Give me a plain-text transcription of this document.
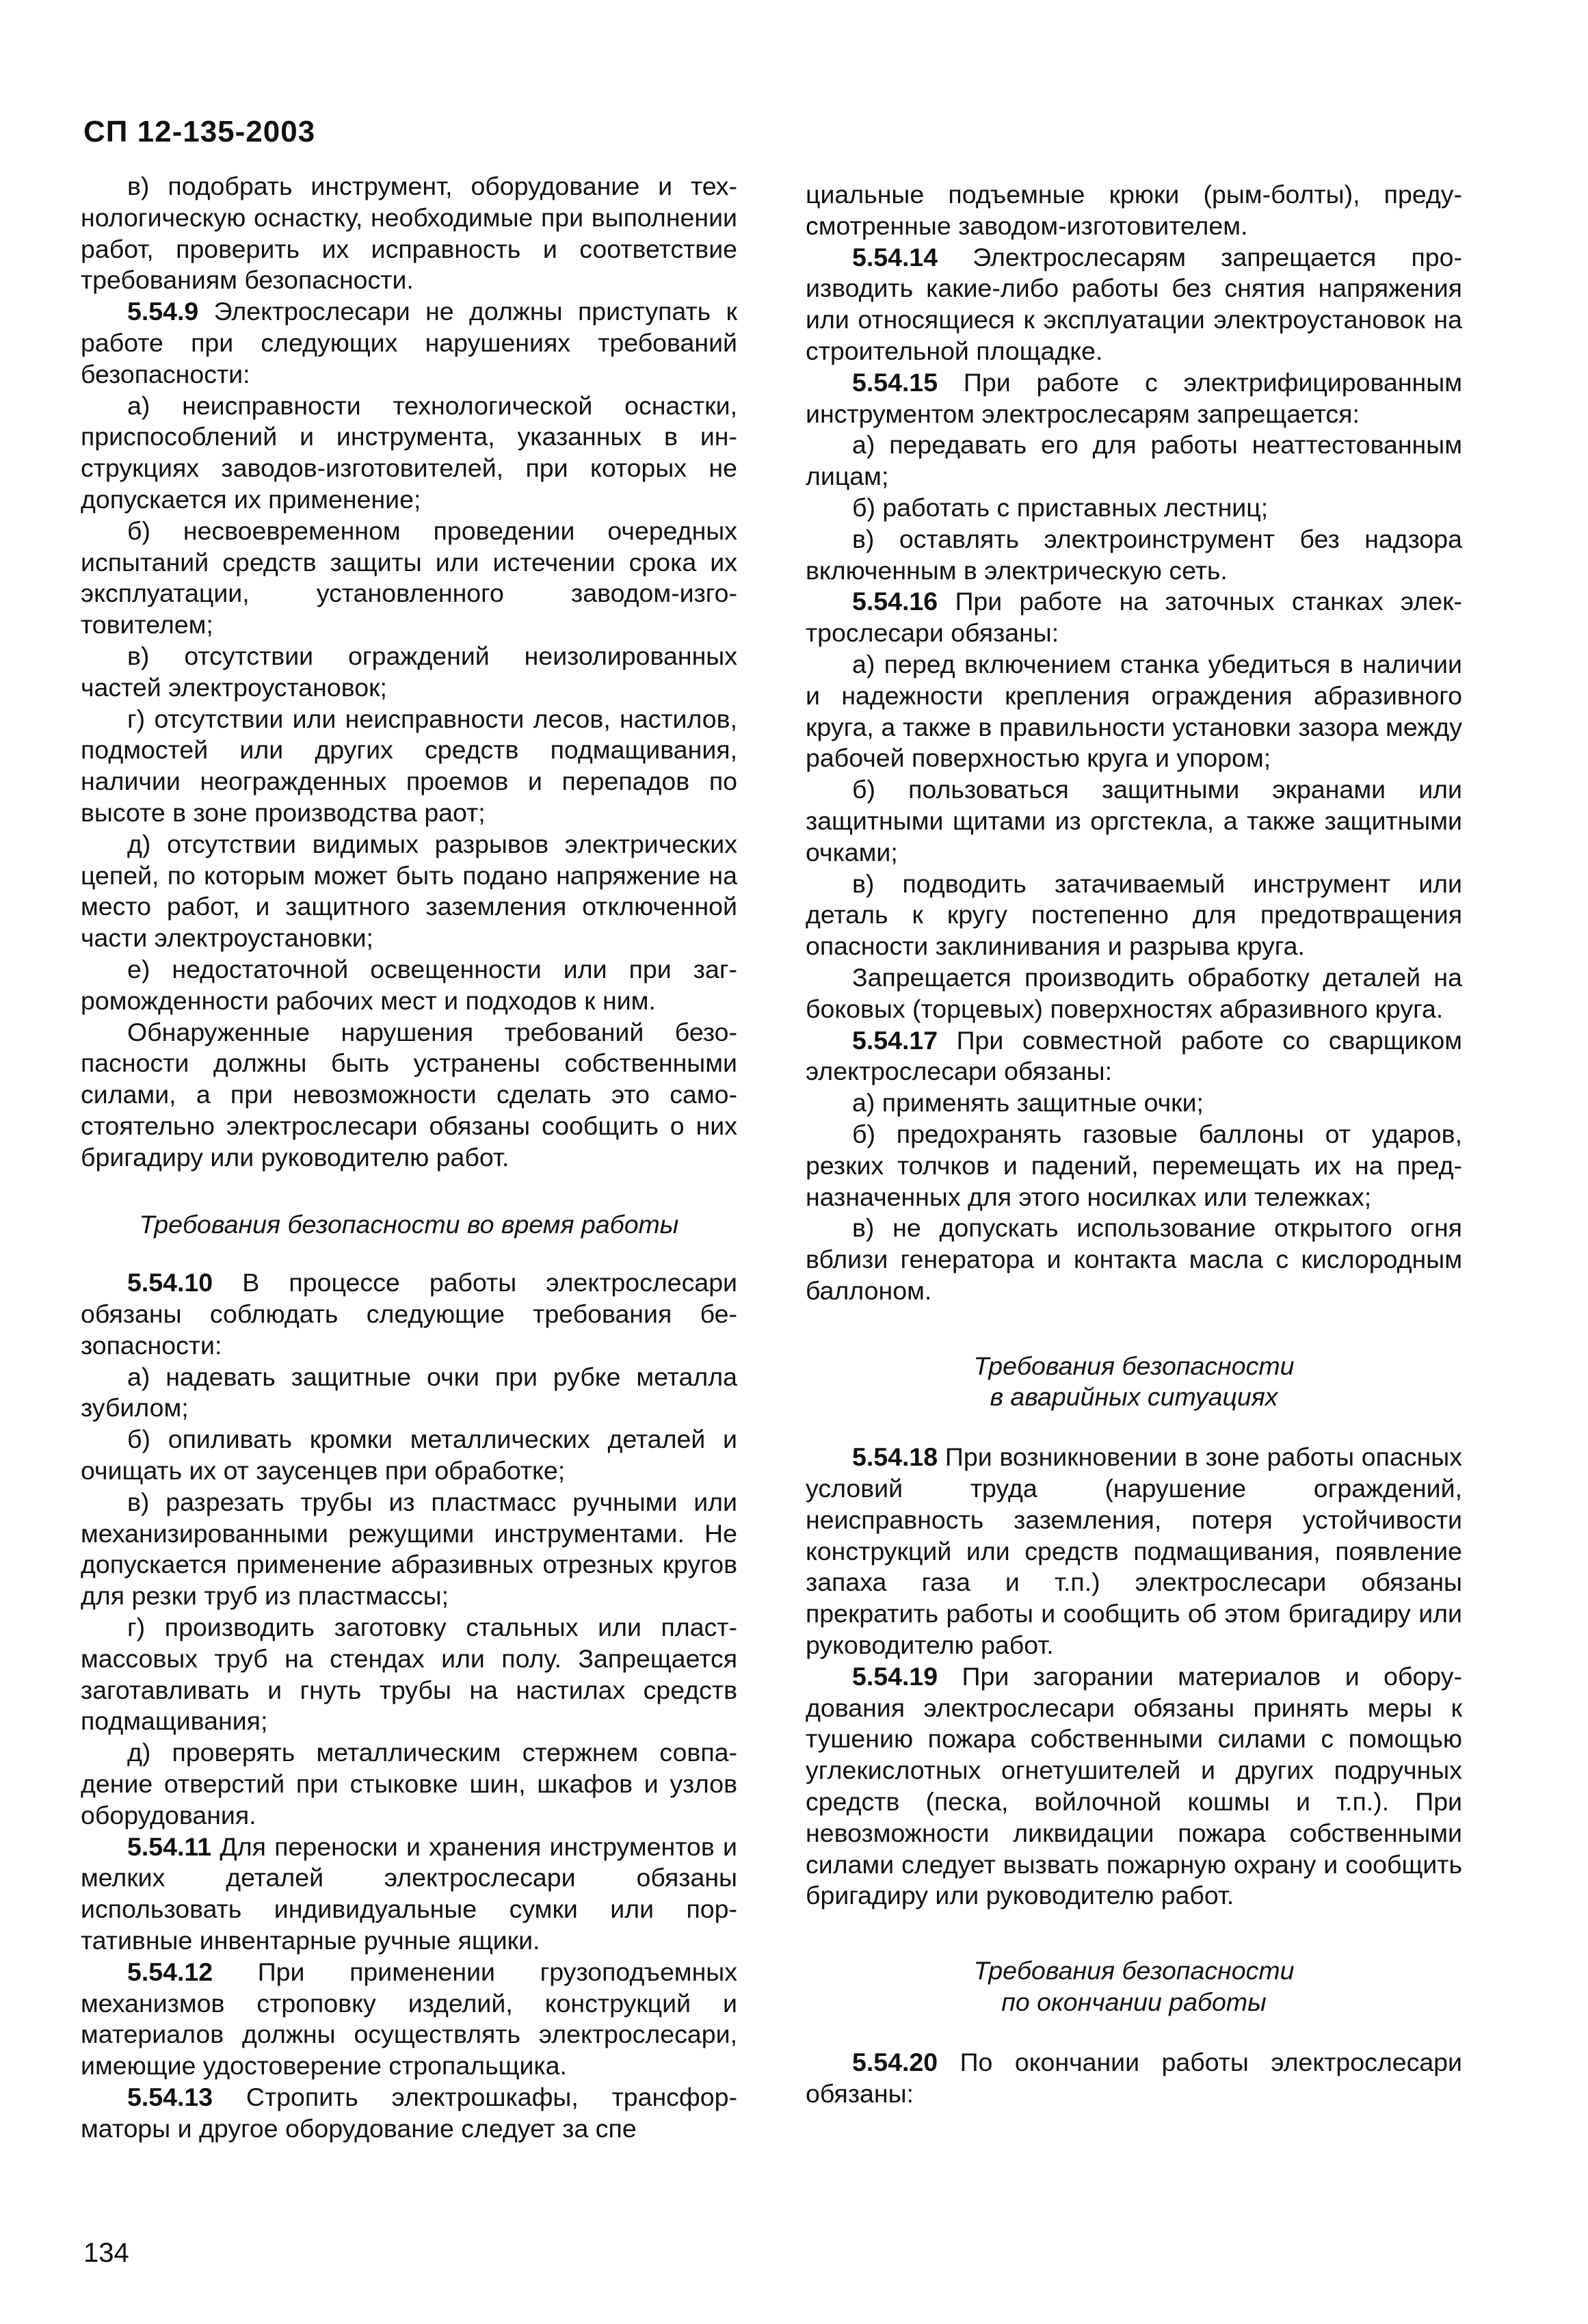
СП 12-135-2003

в) подобрать инструмент, оборудование и технологическую оснастку, необходимые при выполнении работ, проверить их исправность и соответствие требованиям безопасности.

5.54.9 Электрослесари не должны приступать к работе при следующих нарушениях требований безопасности:

а) неисправности технологической оснастки, приспособлений и инструмента, указанных в инструкциях заводов-изготовителей, при которых не допускается их применение;

б) несвоевременном проведении очередных испытаний средств защиты или истечении срока их эксплуатации, установленного заводом-изготовителем;

в) отсутствии ограждений неизолированных частей электроустановок;

г) отсутствии или неисправности лесов, настилов, подмостей или других средств подмащивания, наличии неогражденных проемов и перепадов по высоте в зоне производства раот;

д) отсутствии видимых разрывов электрических цепей, по которым может быть подано напряжение на место работ, и защитного заземления отключенной части электроустановки;

е) недостаточной освещенности или при загроможденности рабочих мест и подходов к ним.

Обнаруженные нарушения требований безопасности должны быть устранены собственными силами, а при невозможности сделать это самостоятельно электрослесари обязаны сообщить о них бригадиру или руководителю работ.

Требования безопасности во время работы

5.54.10 В процессе работы электрослесари обязаны соблюдать следующие требования безопасности:

а) надевать защитные очки при рубке металла зубилом;

б) опиливать кромки металлических деталей и очищать их от заусенцев при обработке;

в) разрезать трубы из пластмасс ручными или механизированными режущими инструментами. Не допускается применение абразивных отрезных кругов для резки труб из пластмассы;

г) производить заготовку стальных или пластмассовых труб на стендах или полу. Запрещается заготавливать и гнуть трубы на настилах средств подмащивания;

д) проверять металлическим стержнем совпадение отверстий при стыковке шин, шкафов и узлов оборудования.

5.54.11 Для переноски и хранения инструментов и мелких деталей электрослесари обязаны использовать индивидуальные сумки или портативные инвентарные ручные ящики.

5.54.12 При применении грузоподъемных механизмов строповку изделий, конструкций и материалов должны осуществлять электрослесари, имеющие удостоверение стропальщика.

5.54.13 Стропить электрошкафы, трансформаторы и другое оборудование следует за спе

циальные подъемные крюки (рым-болты), предусмотренные заводом-изготовителем.

5.54.14 Электрослесарям запрещается производить какие-либо работы без снятия напряжения или относящиеся к эксплуатации электроустановок на строительной площадке.

5.54.15 При работе с электрифицированным инструментом электрослесарям запрещается:

а) передавать его для работы неаттестованным лицам;

б) работать с приставных лестниц;

в) оставлять электроинструмент без надзора включенным в электрическую сеть.

5.54.16 При работе на заточных станках электрослесари обязаны:

а) перед включением станка убедиться в наличии и надежности крепления ограждения абразивного круга, а также в правильности установки зазора между рабочей поверхностью круга и упором;

б) пользоваться защитными экранами или защитными щитами из оргстекла, а также защитными очками;

в) подводить затачиваемый инструмент или деталь к кругу постепенно для предотвращения опасности заклинивания и разрыва круга.

Запрещается производить обработку деталей на боковых (торцевых) поверхностях абразивного круга.

5.54.17 При совместной работе со сварщиком электрослесари обязаны:

а) применять защитные очки;

б) предохранять газовые баллоны от ударов, резких толчков и падений, перемещать их на предназначенных для этого носилках или тележках;

в) не допускать использование открытого огня вблизи генератора и контакта масла с кислородным баллоном.

Требования безопасности

в аварийных ситуациях

5.54.18 При возникновении в зоне работы опасных условий труда (нарушение ограждений, неисправность заземления, потеря устойчивости конструкций или средств подмащивания, появление запаха газа и т.п.) электрослесари обязаны прекратить работы и сообщить об этом бригадиру или руководителю работ.

5.54.19 При загорании материалов и оборудования электрослесари обязаны принять меры к тушению пожара собственными силами с помощью углекислотных огнетушителей и других подручных средств (песка, войлочной кошмы и т.п.). При невозможности ликвидации пожара собственными силами следует вызвать пожарную охрану и сообщить бригадиру или руководителю работ.

Требования безопасности

по окончании работы

5.54.20 По окончании работы электрослесари обязаны:

134
